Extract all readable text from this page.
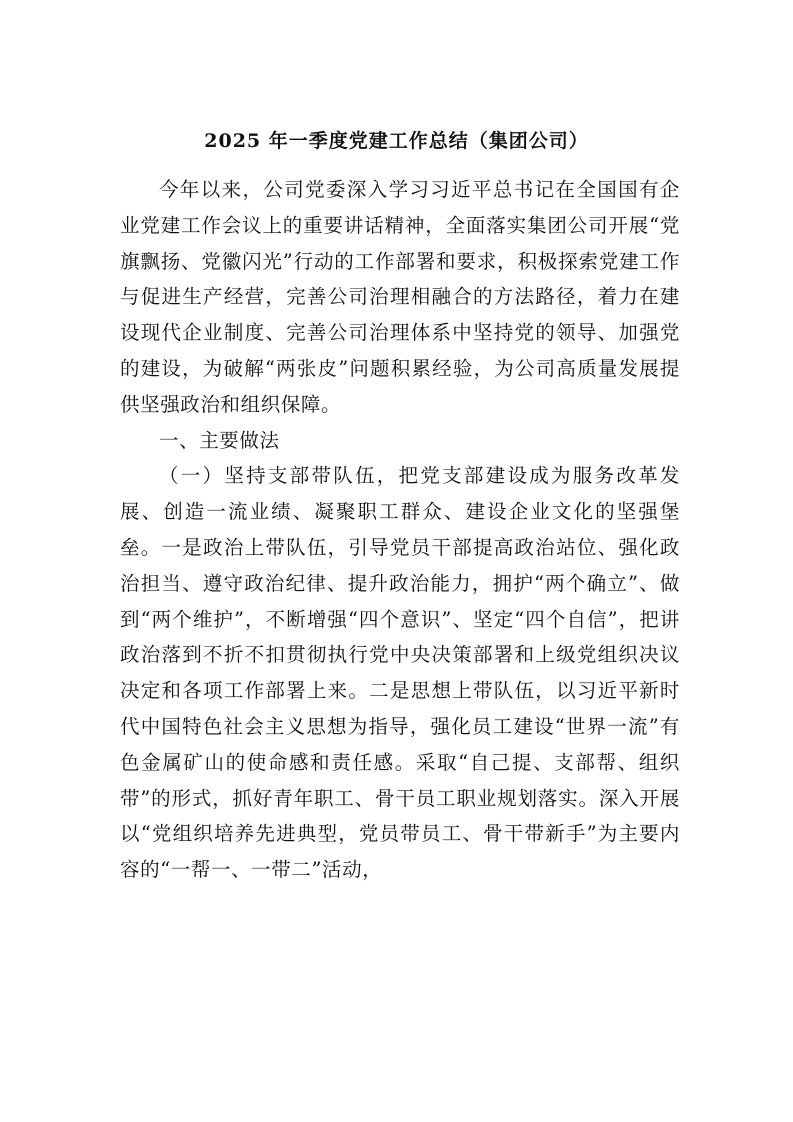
2025 年一季度党建工作总结（集团公司）

今年以来，公司党委深入学习习近平总书记在全国国有企业党建工作会议上的重要讲话精神，全面落实集团公司开展“党旗飘扬、党徽闪光”行动的工作部署和要求，积极探索党建工作与促进生产经营，完善公司治理相融合的方法路径，着力在建设现代企业制度、完善公司治理体系中坚持党的领导、加强党的建设，为破解“两张皮”问题积累经验，为公司高质量发展提供坚强政治和组织保障。

一、主要做法

（一）坚持支部带队伍，把党支部建设成为服务改革发展、创造一流业绩、凝聚职工群众、建设企业文化的坚强堡垒。一是政治上带队伍，引导党员干部提高政治站位、强化政治担当、遵守政治纪律、提升政治能力，拥护“两个确立”、做到“两个维护”，不断增强“四个意识”、坚定“四个自信”，把讲政治落到不折不扣贯彻执行党中央决策部署和上级党组织决议决定和各项工作部署上来。二是思想上带队伍，以习近平新时代中国特色社会主义思想为指导，强化员工建设“世界一流”有色金属矿山的使命感和责任感。采取“自己提、支部帮、组织带”的形式，抓好青年职工、骨干员工职业规划落实。深入开展以“党组织培养先进典型，党员带员工、骨干带新手”为主要内容的“一帮一、一带二”活动，
